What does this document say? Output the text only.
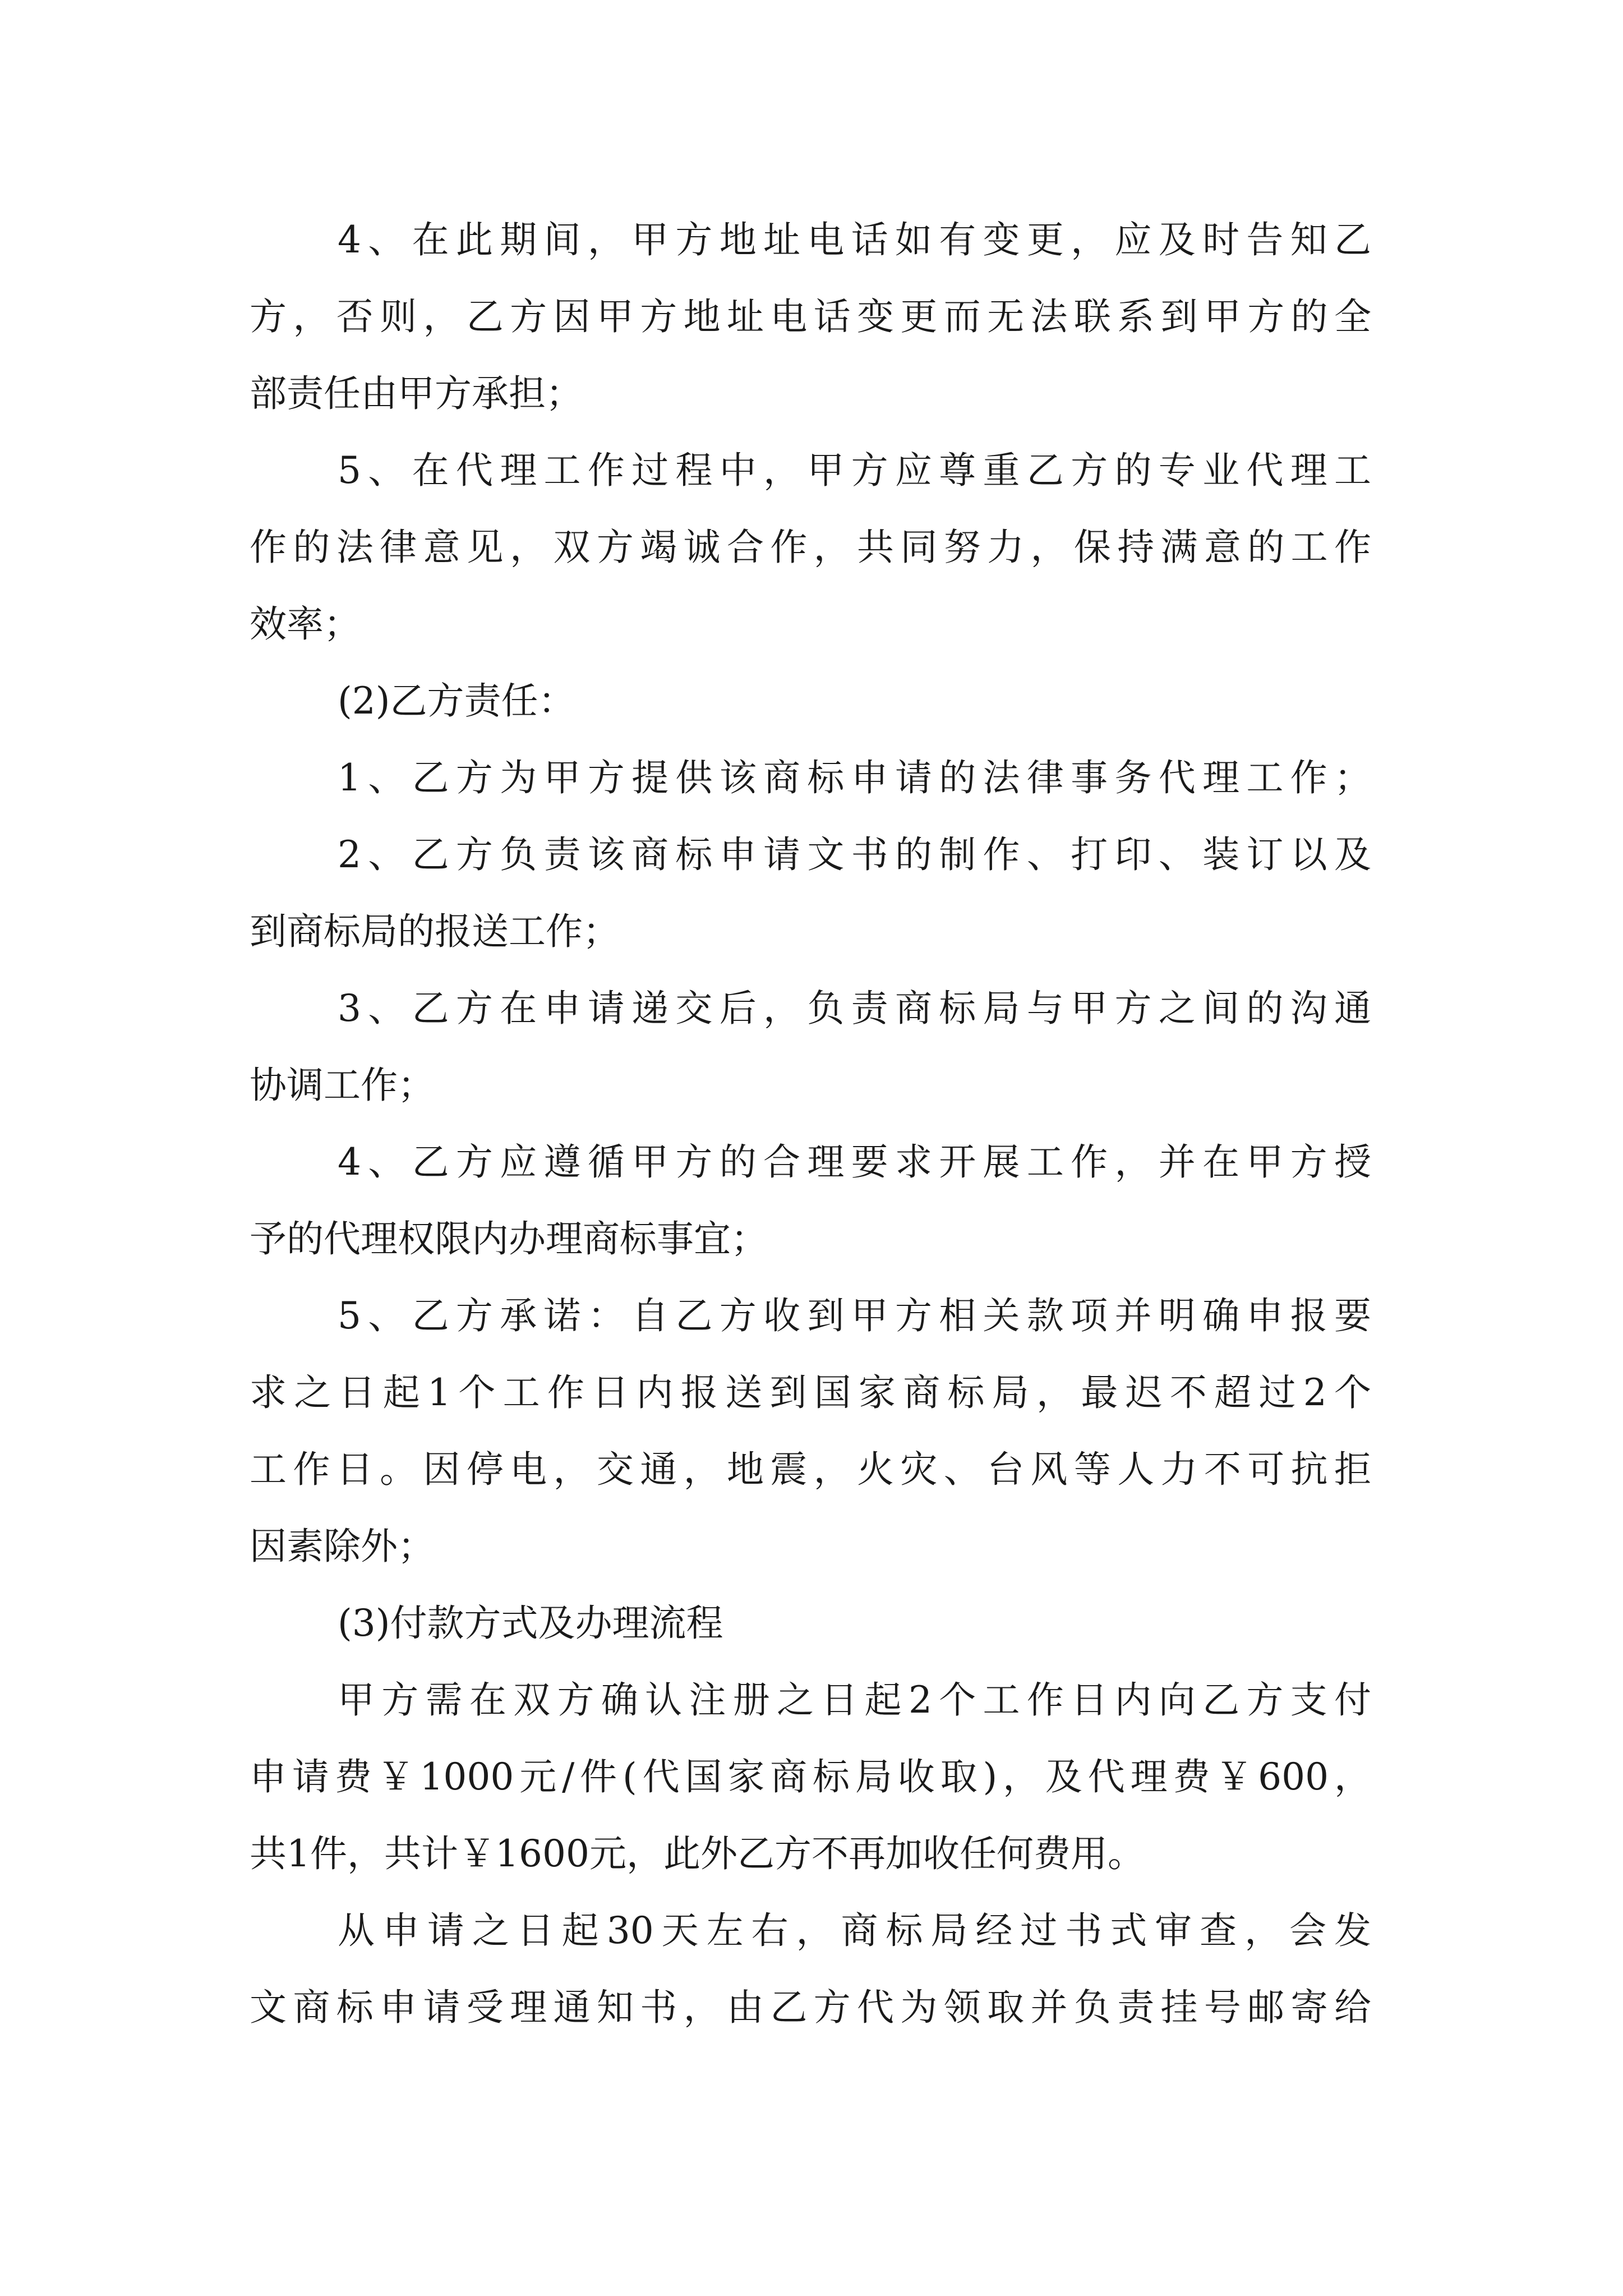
4、在此期间，甲方地址电话如有变更，应及时告知乙
方，否则，乙方因甲方地址电话变更而无法联系到甲方的全
部责任由甲方承担；
5、在代理工作过程中，甲方应尊重乙方的专业代理工
作的法律意见，双方竭诚合作，共同努力，保持满意的工作
效率；
(2)乙方责任：
1、乙方为甲方提供该商标申请的法律事务代理工作；
2、乙方负责该商标申请文书的制作、打印、装订以及
到商标局的报送工作；
3、乙方在申请递交后，负责商标局与甲方之间的沟通
协调工作；
4、乙方应遵循甲方的合理要求开展工作，并在甲方授
予的代理权限内办理商标事宜；
5、乙方承诺：自乙方收到甲方相关款项并明确申报要
求之日起1个工作日内报送到国家商标局，最迟不超过2个
工作日。因停电，交通，地震，火灾、台风等人力不可抗拒
因素除外；
(3)付款方式及办理流程
甲方需在双方确认注册之日起2个工作日内向乙方支付
申请费￥1000元/件(代国家商标局收取)，及代理费￥600，
共1件，共计￥1600元，此外乙方不再加收任何费用。
从申请之日起30天左右，商标局经过书式审查，会发
文商标申请受理通知书，由乙方代为领取并负责挂号邮寄给
